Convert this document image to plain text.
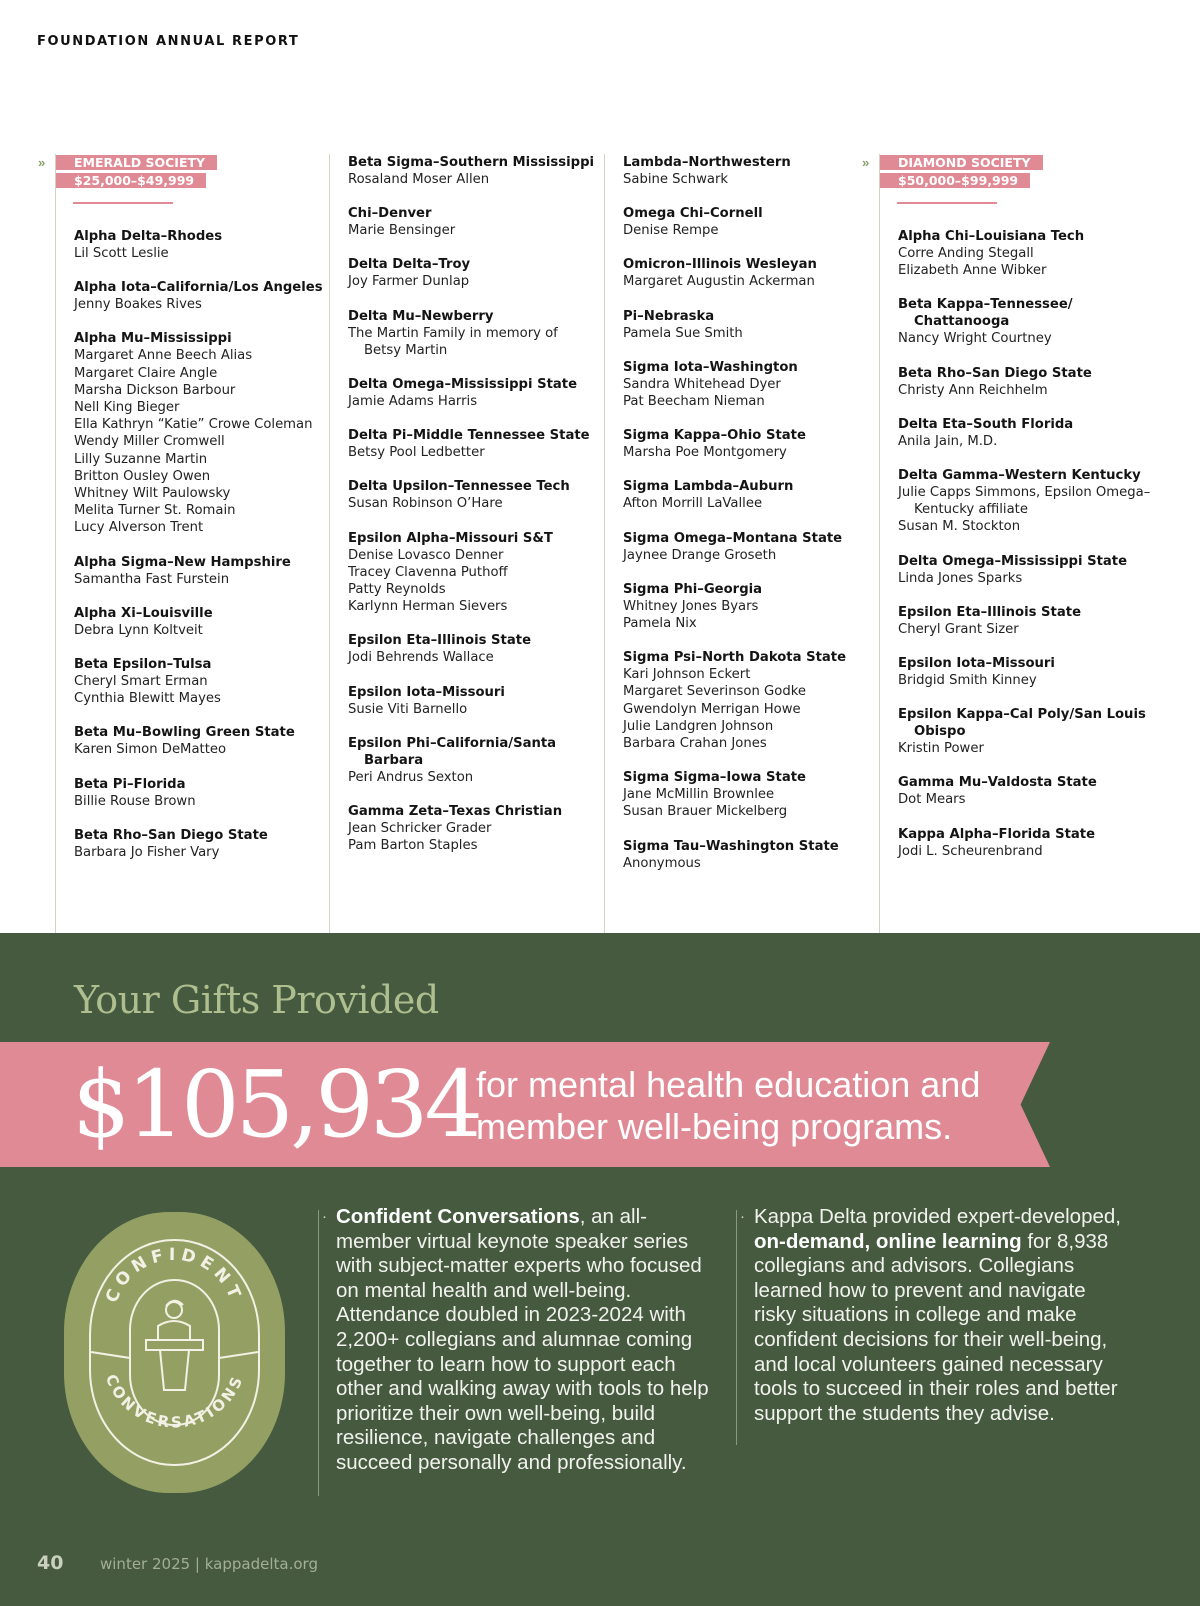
FOUNDATION ANNUAL REPORT
» EMERALD SOCIETY
$25,000–$49,999
Alpha Delta–Rhodes
Lil Scott Leslie
Alpha Iota–California/Los Angeles
Jenny Boakes Rives
Alpha Mu–Mississippi
Margaret Anne Beech Alias
Margaret Claire Angle
Marsha Dickson Barbour
Nell King Bieger
Ella Kathryn “Katie” Crowe Coleman
Wendy Miller Cromwell
Lilly Suzanne Martin
Britton Ousley Owen
Whitney Wilt Paulowsky
Melita Turner St. Romain
Lucy Alverson Trent
Alpha Sigma–New Hampshire
Samantha Fast Furstein
Alpha Xi–Louisville
Debra Lynn Koltveit
Beta Epsilon–Tulsa
Cheryl Smart Erman
Cynthia Blewitt Mayes
Beta Mu–Bowling Green State
Karen Simon DeMatteo
Beta Pi–Florida
Billie Rouse Brown
Beta Rho–San Diego State
Barbara Jo Fisher Vary
Beta Sigma–Southern Mississippi
Rosaland Moser Allen
Chi–Denver
Marie Bensinger
Delta Delta–Troy
Joy Farmer Dunlap
Delta Mu–Newberry
The Martin Family in memory of Betsy Martin
Delta Omega–Mississippi State
Jamie Adams Harris
Delta Pi–Middle Tennessee State
Betsy Pool Ledbetter
Delta Upsilon–Tennessee Tech
Susan Robinson O’Hare
Epsilon Alpha–Missouri S&T
Denise Lovasco Denner
Tracey Clavenna Puthoff
Patty Reynolds
Karlynn Herman Sievers
Epsilon Eta–Illinois State
Jodi Behrends Wallace
Epsilon Iota–Missouri
Susie Viti Barnello
Epsilon Phi–California/Santa Barbara
Peri Andrus Sexton
Gamma Zeta–Texas Christian
Jean Schricker Grader
Pam Barton Staples
Lambda–Northwestern
Sabine Schwark
Omega Chi–Cornell
Denise Rempe
Omicron–Illinois Wesleyan
Margaret Augustin Ackerman
Pi–Nebraska
Pamela Sue Smith
Sigma Iota–Washington
Sandra Whitehead Dyer
Pat Beecham Nieman
Sigma Kappa–Ohio State
Marsha Poe Montgomery
Sigma Lambda–Auburn
Afton Morrill LaVallee
Sigma Omega–Montana State
Jaynee Drange Groseth
Sigma Phi–Georgia
Whitney Jones Byars
Pamela Nix
Sigma Psi–North Dakota State
Kari Johnson Eckert
Margaret Severinson Godke
Gwendolyn Merrigan Howe
Julie Landgren Johnson
Barbara Crahan Jones
Sigma Sigma–Iowa State
Jane McMillin Brownlee
Susan Brauer Mickelberg
Sigma Tau–Washington State
Anonymous
» DIAMOND SOCIETY
$50,000–$99,999
Alpha Chi–Louisiana Tech
Corre Anding Stegall
Elizabeth Anne Wibker
Beta Kappa–Tennessee/ Chattanooga
Nancy Wright Courtney
Beta Rho–San Diego State
Christy Ann Reichhelm
Delta Eta–South Florida
Anila Jain, M.D.
Delta Gamma–Western Kentucky
Julie Capps Simmons, Epsilon Omega–Kentucky affiliate
Susan M. Stockton
Delta Omega–Mississippi State
Linda Jones Sparks
Epsilon Eta–Illinois State
Cheryl Grant Sizer
Epsilon Iota–Missouri
Bridgid Smith Kinney
Epsilon Kappa–Cal Poly/San Louis Obispo
Kristin Power
Gamma Mu–Valdosta State
Dot Mears
Kappa Alpha–Florida State
Jodi L. Scheurenbrand
Your Gifts Provided
$105,934
for mental health education and member well-being programs.
CONFIDENT
CONVERSATIONS
· Confident Conversations, an all-member virtual keynote speaker series with subject-matter experts who focused on mental health and well-being. Attendance doubled in 2023-2024 with 2,200+ collegians and alumnae coming together to learn how to support each other and walking away with tools to help prioritize their own well-being, build resilience, navigate challenges and succeed personally and professionally.
· Kappa Delta provided expert-developed, on-demand, online learning for 8,938 collegians and advisors. Collegians learned how to prevent and navigate risky situations in college and make confident decisions for their well-being, and local volunteers gained necessary tools to succeed in their roles and better support the students they advise.
40 winter 2025 | kappadelta.org
